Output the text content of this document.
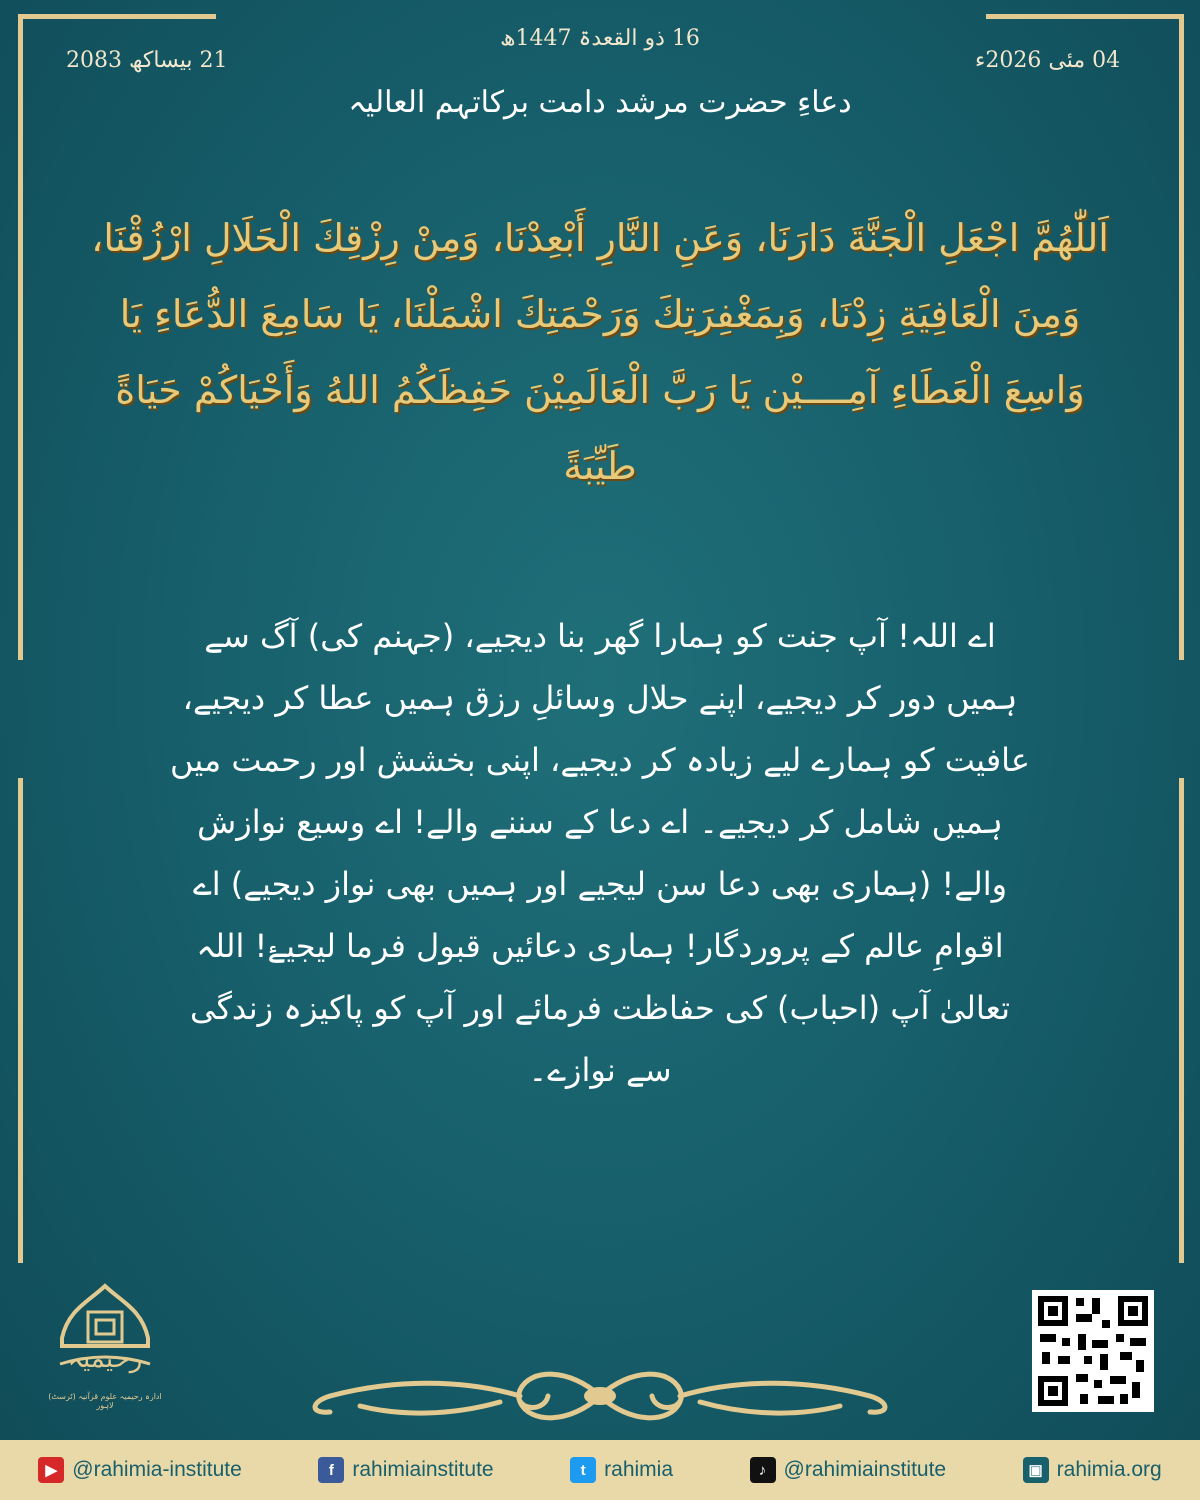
21 بیساکھ 2083
16 ذو القعدۃ 1447ھ
04 مئی 2026ء
دعاءِ حضرت مرشد دامت برکاتہم العالیہ
اَللّٰهُمَّ اجْعَلِ الْجَنَّةَ دَارَنَا، وَعَنِ النَّارِ أَبْعِدْنَا، وَمِنْ رِزْقِكَ الْحَلَالِ ارْزُقْنَا، وَمِنَ الْعَافِيَةِ زِدْنَا، وَبِمَغْفِرَتِكَ وَرَحْمَتِكَ اشْمَلْنَا، يَا سَامِعَ الدُّعَاءِ يَا وَاسِعَ الْعَطَاءِ آمِــــيْن يَا رَبَّ الْعَالَمِيْنَ حَفِظَكُمُ اللهُ وَأَحْيَاكُمْ حَيَاةً طَيِّبَةً
اے اللہ! آپ جنت کو ہمارا گھر بنا دیجیے، (جہنم کی) آگ سے ہمیں دور کر دیجیے، اپنے حلال وسائلِ رزق ہمیں عطا کر دیجیے، عافیت کو ہمارے لیے زیادہ کر دیجیے، اپنی بخشش اور رحمت میں ہمیں شامل کر دیجیے۔ اے دعا کے سننے والے! اے وسیع نوازش والے! (ہماری بھی دعا سن لیجیے اور ہمیں بھی نواز دیجیے) اے اقوامِ عالم کے پروردگار! ہماری دعائیں قبول فرما لیجیۓ! اللہ تعالیٰ آپ (احباب) کی حفاظت فرمائے اور آپ کو پاکیزہ زندگی سے نوازے۔
رحیمیہ
ادارہ رحیمیہ علوم قرآنیہ (ٹرسٹ) لاہور
▶ @rahimia-institute	f rahimiainstitute	t rahimia	♪ @rahimiainstitute	▣ rahimia.org
